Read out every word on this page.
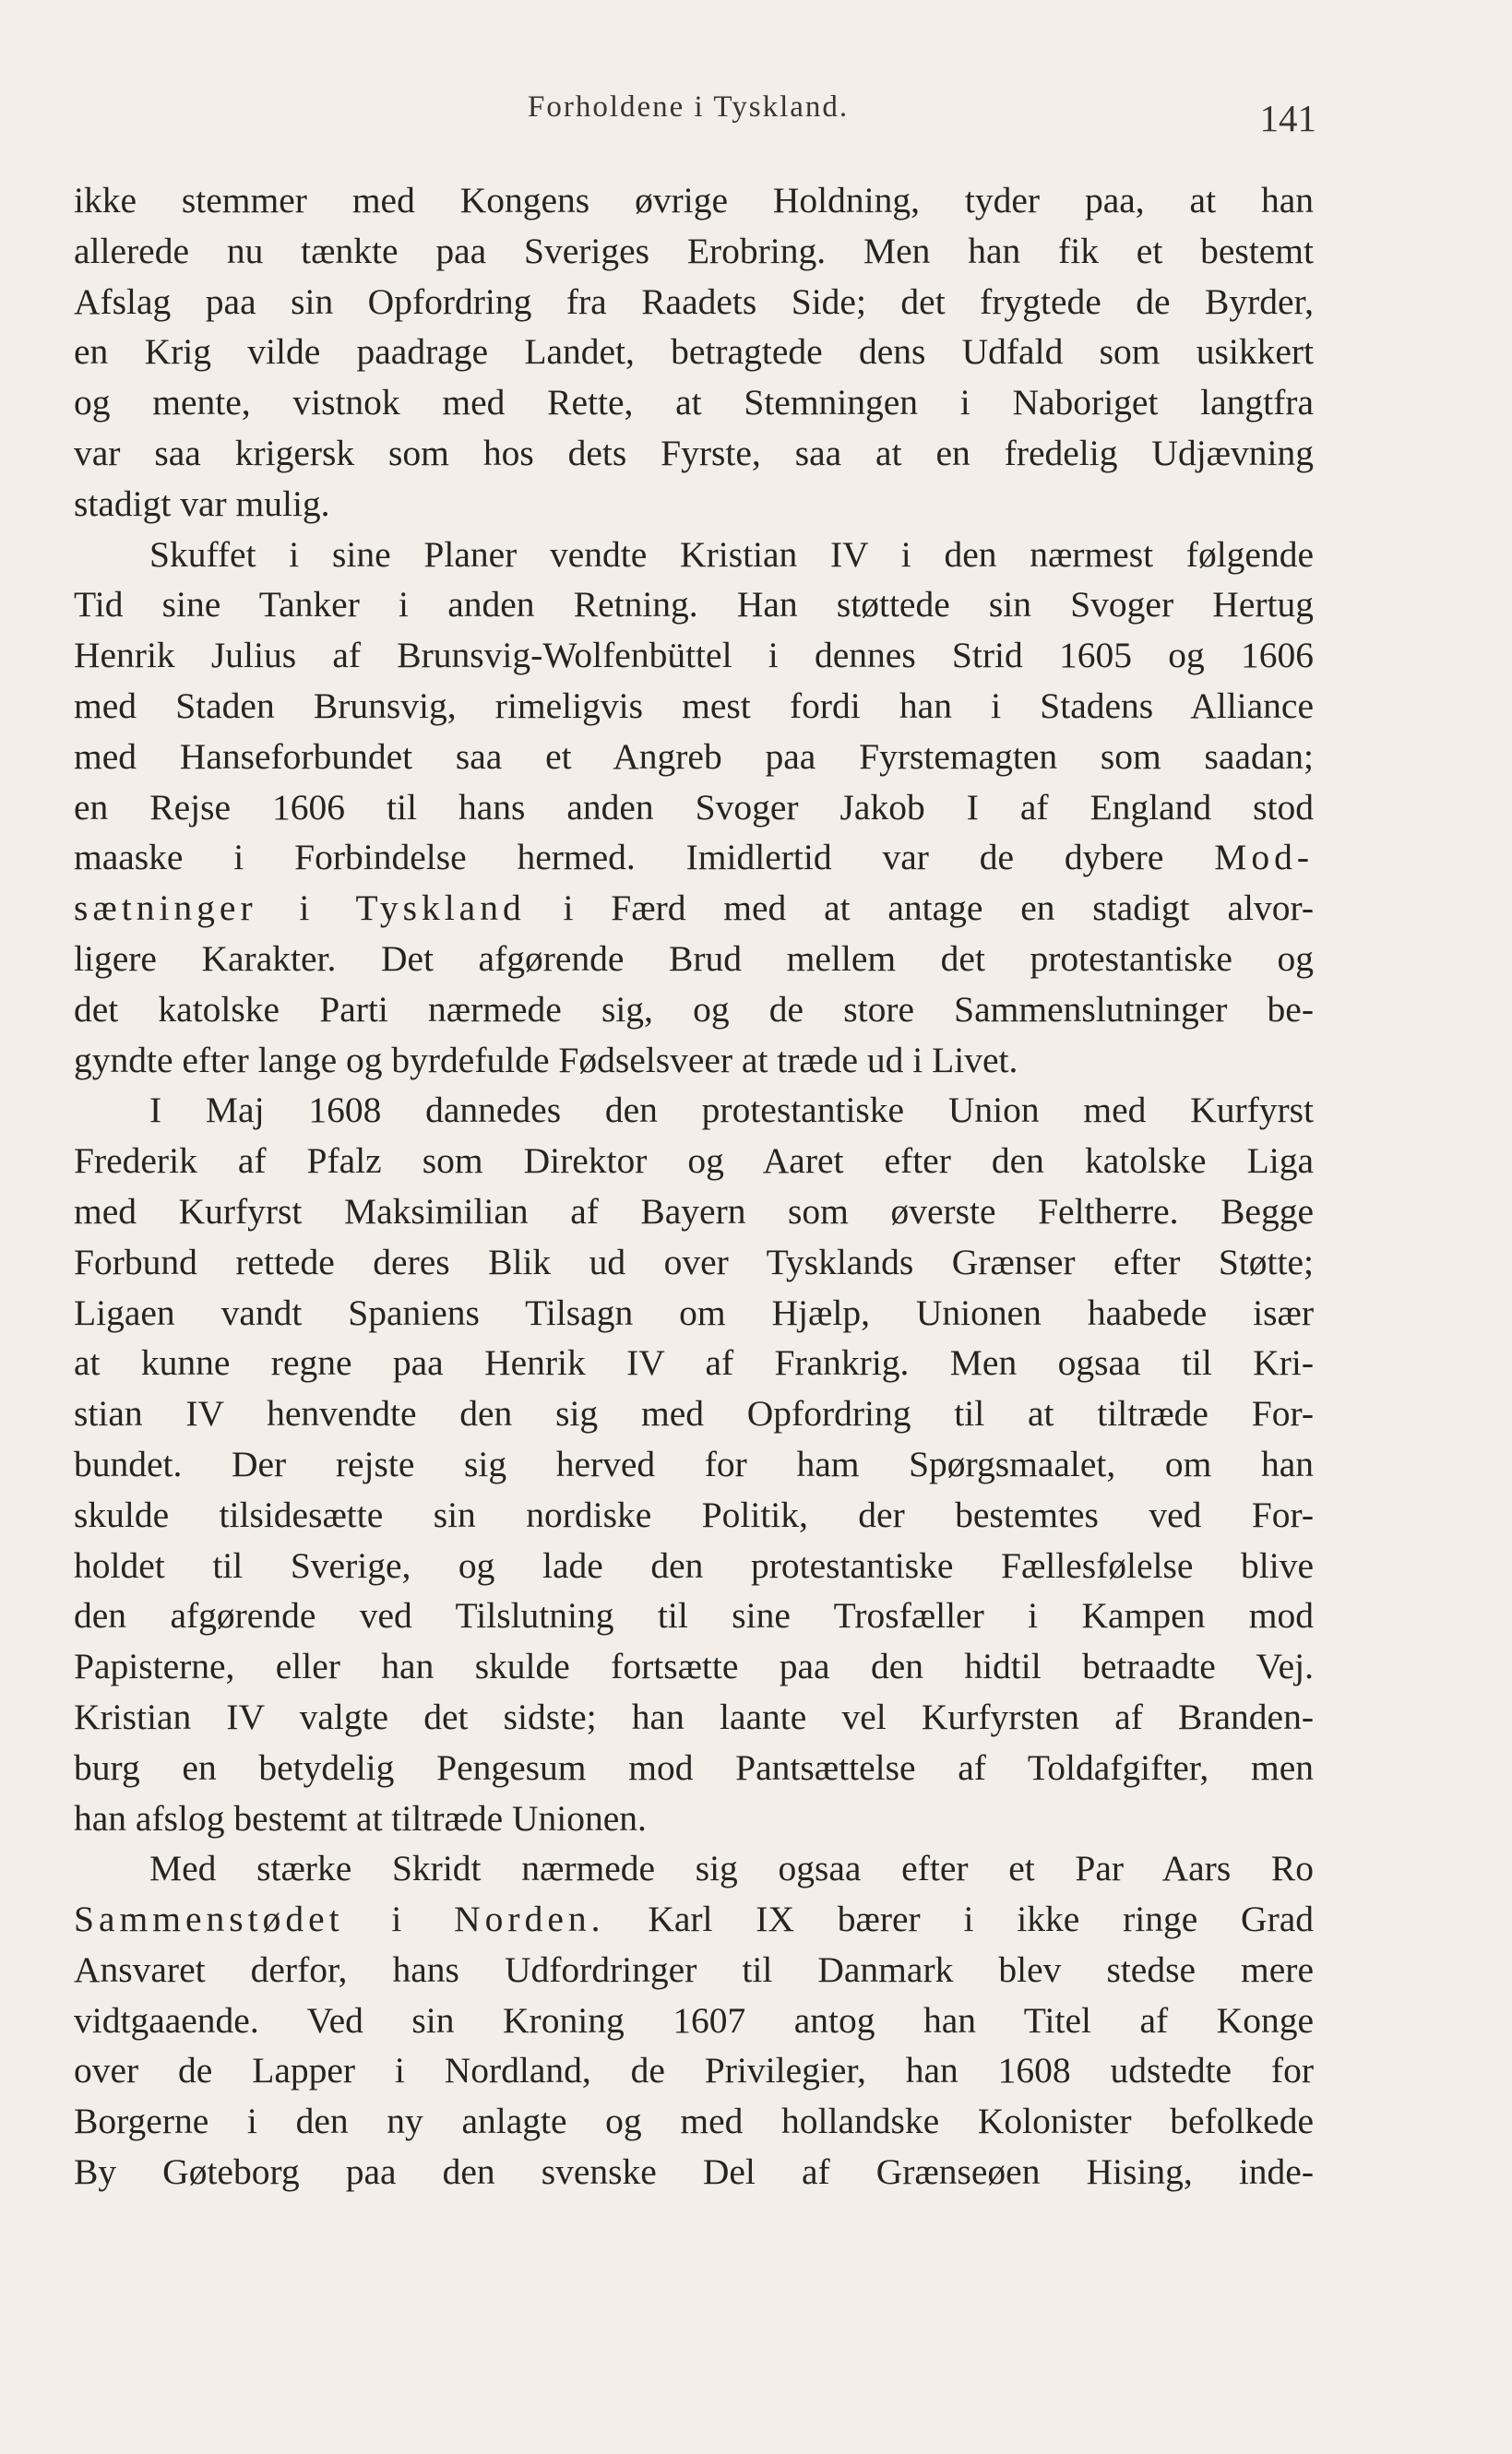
Forholdene i Tyskland.	141
ikke stemmer med Kongens øvrige Holdning, tyder paa, at han
allerede nu tænkte paa Sveriges Erobring. Men han fik et bestemt
Afslag paa sin Opfordring fra Raadets Side; det frygtede de Byrder,
en Krig vilde paadrage Landet, betragtede dens Udfald som usikkert
og mente, vistnok med Rette, at Stemningen i Naboriget langtfra
var saa krigersk som hos dets Fyrste, saa at en fredelig Udjævning
stadigt var mulig.
Skuffet i sine Planer vendte Kristian IV i den nærmest følgende
Tid sine Tanker i anden Retning. Han støttede sin Svoger Hertug
Henrik Julius af Brunsvig-Wolfenbüttel i dennes Strid 1605 og 1606
med Staden Brunsvig, rimeligvis mest fordi han i Stadens Alliance
med Hanseforbundet saa et Angreb paa Fyrstemagten som saadan;
en Rejse 1606 til hans anden Svoger Jakob I af England stod
maaske i Forbindelse hermed. Imidlertid var de dybere Mod-
sætninger i Tyskland i Færd med at antage en stadigt alvor-
ligere Karakter. Det afgørende Brud mellem det protestantiske og
det katolske Parti nærmede sig, og de store Sammenslutninger be-
gyndte efter lange og byrdefulde Fødselsveer at træde ud i Livet.
I Maj 1608 dannedes den protestantiske Union med Kurfyrst
Frederik af Pfalz som Direktor og Aaret efter den katolske Liga
med Kurfyrst Maksimilian af Bayern som øverste Feltherre. Begge
Forbund rettede deres Blik ud over Tysklands Grænser efter Støtte;
Ligaen vandt Spaniens Tilsagn om Hjælp, Unionen haabede især
at kunne regne paa Henrik IV af Frankrig. Men ogsaa til Kri-
stian IV henvendte den sig med Opfordring til at tiltræde For-
bundet. Der rejste sig herved for ham Spørgsmaalet, om han
skulde tilsidesætte sin nordiske Politik, der bestemtes ved For-
holdet til Sverige, og lade den protestantiske Fællesfølelse blive
den afgørende ved Tilslutning til sine Trosfæller i Kampen mod
Papisterne, eller han skulde fortsætte paa den hidtil betraadte Vej.
Kristian IV valgte det sidste; han laante vel Kurfyrsten af Branden-
burg en betydelig Pengesum mod Pantsættelse af Toldafgifter, men
han afslog bestemt at tiltræde Unionen.
Med stærke Skridt nærmede sig ogsaa efter et Par Aars Ro
Sammenstødet i Norden. Karl IX bærer i ikke ringe Grad
Ansvaret derfor, hans Udfordringer til Danmark blev stedse mere
vidtgaaende. Ved sin Kroning 1607 antog han Titel af Konge
over de Lapper i Nordland, de Privilegier, han 1608 udstedte for
Borgerne i den ny anlagte og med hollandske Kolonister befolkede
By Gøteborg paa den svenske Del af Grænseøen Hising, inde-
